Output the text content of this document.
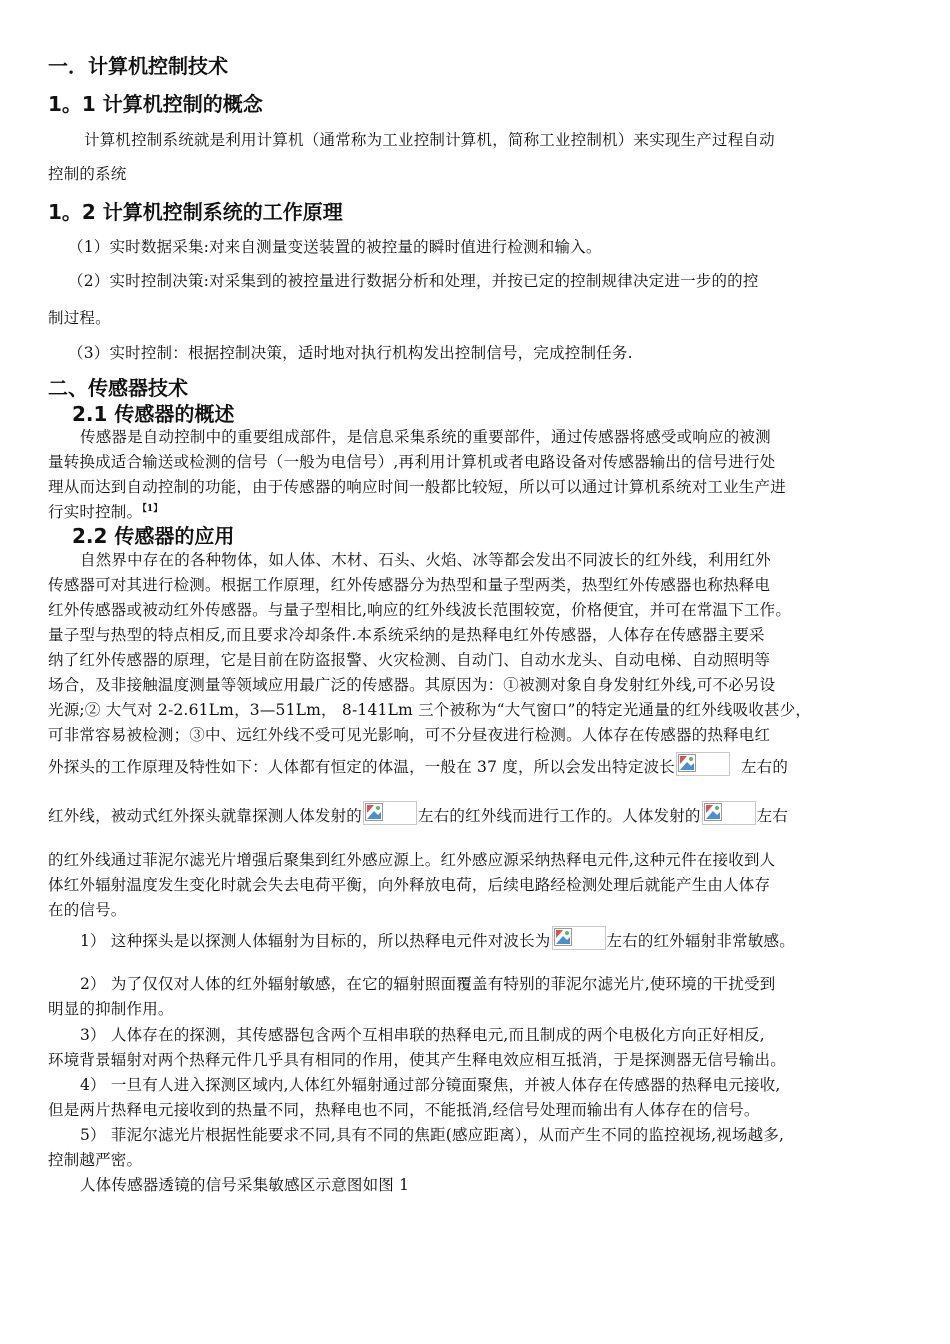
一．计算机控制技术
1。1 计算机控制的概念
计算机控制系统就是利用计算机（通常称为工业控制计算机，简称工业控制机）来实现生产过程自动
控制的系统
1。2 计算机控制系统的工作原理
（1）实时数据采集:对来自测量变送装置的被控量的瞬时值进行检测和输入。
（2）实时控制决策:对采集到的被控量进行数据分析和处理，并按已定的控制规律决定进一步的的控
制过程。
（3）实时控制：根据控制决策，适时地对执行机构发出控制信号，完成控制任务.
二、传感器技术
2.1 传感器的概述
传感器是自动控制中的重要组成部件，是信息采集系统的重要部件，通过传感器将感受或响应的被测
量转换成适合输送或检测的信号（一般为电信号）,再利用计算机或者电路设备对传感器输出的信号进行处
理从而达到自动控制的功能，由于传感器的响应时间一般都比较短，所以可以通过计算机系统对工业生产进
行实时控制。$^{【1】}$
2.2 传感器的应用
自然界中存在的各种物体，如人体、木材、石头、火焰、冰等都会发出不同波长的红外线，利用红外
传感器可对其进行检测。根据工作原理，红外传感器分为热型和量子型两类，热型红外传感器也称热释电
红外传感器或被动红外传感器。与量子型相比,响应的红外线波长范围较宽，价格便宜，并可在常温下工作。
量子型与热型的特点相反,而且要求冷却条件.本系统采纳的是热释电红外传感器，人体存在传感器主要采
纳了红外传感器的原理，它是目前在防盗报警、火灾检测、自动门、自动水龙头、自动电梯、自动照明等
场合，及非接触温度测量等领域应用最广泛的传感器。其原因为：①被测对象自身发射红外线,可不必另设
光源;② 大气对 2-2.61Lm，3—51Lm， 8-141Lm 三个被称为“大气窗口”的特定光通量的红外线吸收甚少，
可非常容易被检测；③中、远红外线不受可见光影响，可不分昼夜进行检测。人体存在传感器的热释电红
外探头的工作原理及特性如下：人体都有恒定的体温，一般在 37 度，所以会发出特定波长	左右的
红外线，被动式红外探头就靠探测人体发射的	左右的红外线而进行工作的。人体发射的	左右
的红外线通过菲泥尔滤光片增强后聚集到红外感应源上。红外感应源采纳热释电元件,这种元件在接收到人
体红外辐射温度发生变化时就会失去电荷平衡，向外释放电荷，后续电路经检测处理后就能产生由人体存
在的信号。
1） 这种探头是以探测人体辐射为目标的，所以热释电元件对波长为	左右的红外辐射非常敏感。
2） 为了仅仅对人体的红外辐射敏感，在它的辐射照面覆盖有特别的菲泥尔滤光片,使环境的干扰受到
明显的抑制作用。
3） 人体存在的探测，其传感器包含两个互相串联的热释电元,而且制成的两个电极化方向正好相反,
环境背景辐射对两个热释元件几乎具有相同的作用，使其产生释电效应相互抵消，于是探测器无信号输出。
4） 一旦有人进入探测区域内,人体红外辐射通过部分镜面聚焦，并被人体存在传感器的热释电元接收,
但是两片热释电元接收到的热量不同，热释电也不同，不能抵消,经信号处理而输出有人体存在的信号。
5） 菲泥尔滤光片根据性能要求不同,具有不同的焦距(感应距离），从而产生不同的监控视场,视场越多,
控制越严密。
人体传感器透镜的信号采集敏感区示意图如图 1
